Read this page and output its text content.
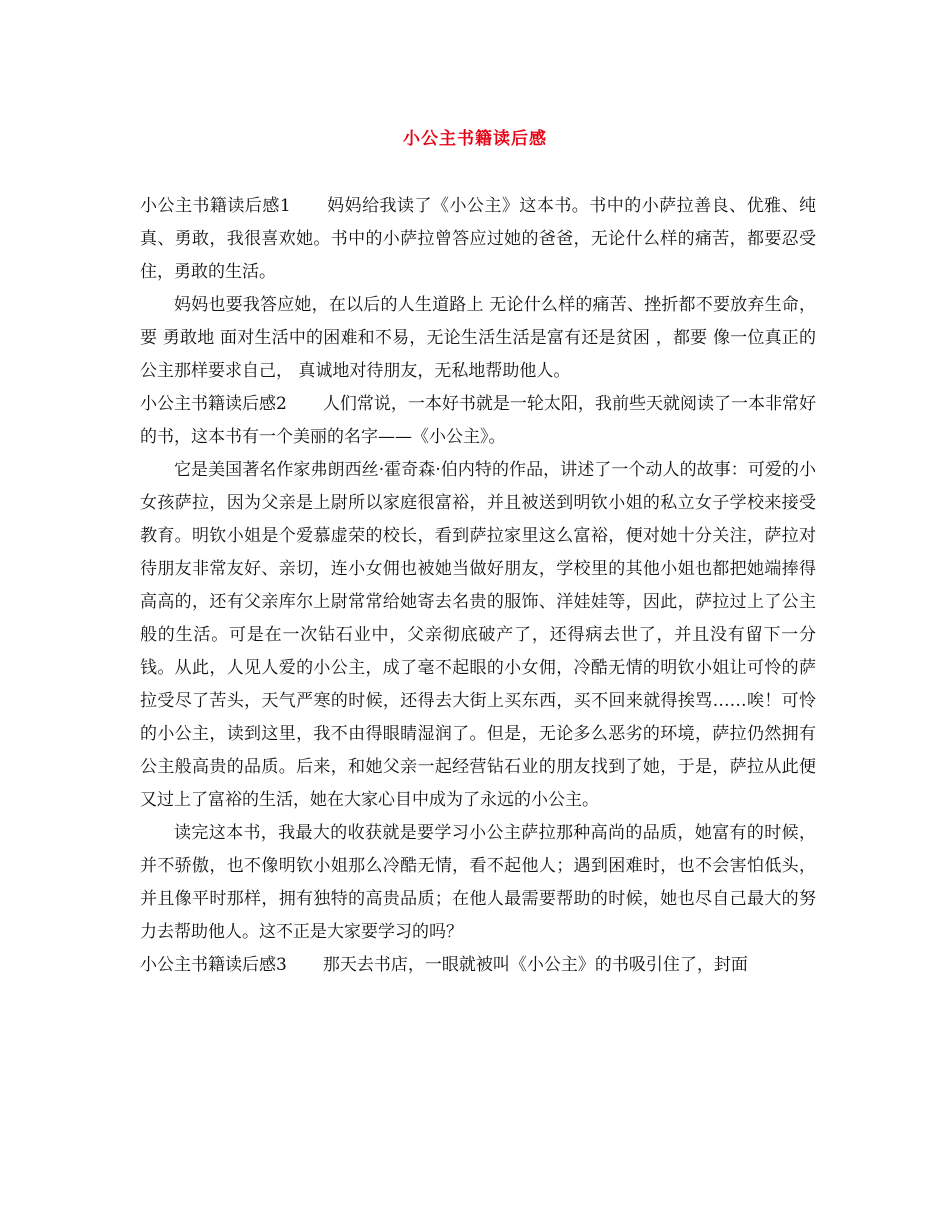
小公主书籍读后感

小公主书籍读后感1 妈妈给我读了《小公主》这本书。书中的小萨拉善良、优雅、纯真、勇敢，我很喜欢她。书中的小萨拉曾答应过她的爸爸，无论什么样的痛苦，都要忍受住，勇敢的生活。

妈妈也要我答应她，在以后的人生道路上 无论什么样的痛苦、挫折都不要放弃生命，要 勇敢地 面对生活中的困难和不易，无论生活生活是富有还是贫困 ，都要 像一位真正的公主那样要求自己， 真诚地对待朋友，无私地帮助他人。

小公主书籍读后感2 人们常说，一本好书就是一轮太阳，我前些天就阅读了一本非常好的书，这本书有一个美丽的名字——《小公主》。

它是美国著名作家弗朗西丝·霍奇森·伯内特的作品，讲述了一个动人的故事：可爱的小女孩萨拉，因为父亲是上尉所以家庭很富裕，并且被送到明钦小姐的私立女子学校来接受教育。明钦小姐是个爱慕虚荣的校长，看到萨拉家里这么富裕，便对她十分关注，萨拉对待朋友非常友好、亲切，连小女佣也被她当做好朋友，学校里的其他小姐也都把她端捧得高高的，还有父亲库尔上尉常常给她寄去名贵的服饰、洋娃娃等，因此，萨拉过上了公主般的生活。可是在一次钻石业中，父亲彻底破产了，还得病去世了，并且没有留下一分钱。从此，人见人爱的小公主，成了毫不起眼的小女佣，冷酷无情的明钦小姐让可怜的萨拉受尽了苦头，天气严寒的时候，还得去大街上买东西，买不回来就得挨骂……唉！可怜的小公主，读到这里，我不由得眼睛湿润了。但是，无论多么恶劣的环境，萨拉仍然拥有公主般高贵的品质。后来，和她父亲一起经营钻石业的朋友找到了她，于是，萨拉从此便又过上了富裕的生活，她在大家心目中成为了永远的小公主。

读完这本书，我最大的收获就是要学习小公主萨拉那种高尚的品质，她富有的时候，并不骄傲，也不像明钦小姐那么冷酷无情，看不起他人；遇到困难时，也不会害怕低头，并且像平时那样，拥有独特的高贵品质；在他人最需要帮助的时候，她也尽自己最大的努力去帮助他人。这不正是大家要学习的吗？

小公主书籍读后感3 那天去书店，一眼就被叫《小公主》的书吸引住了，封面
